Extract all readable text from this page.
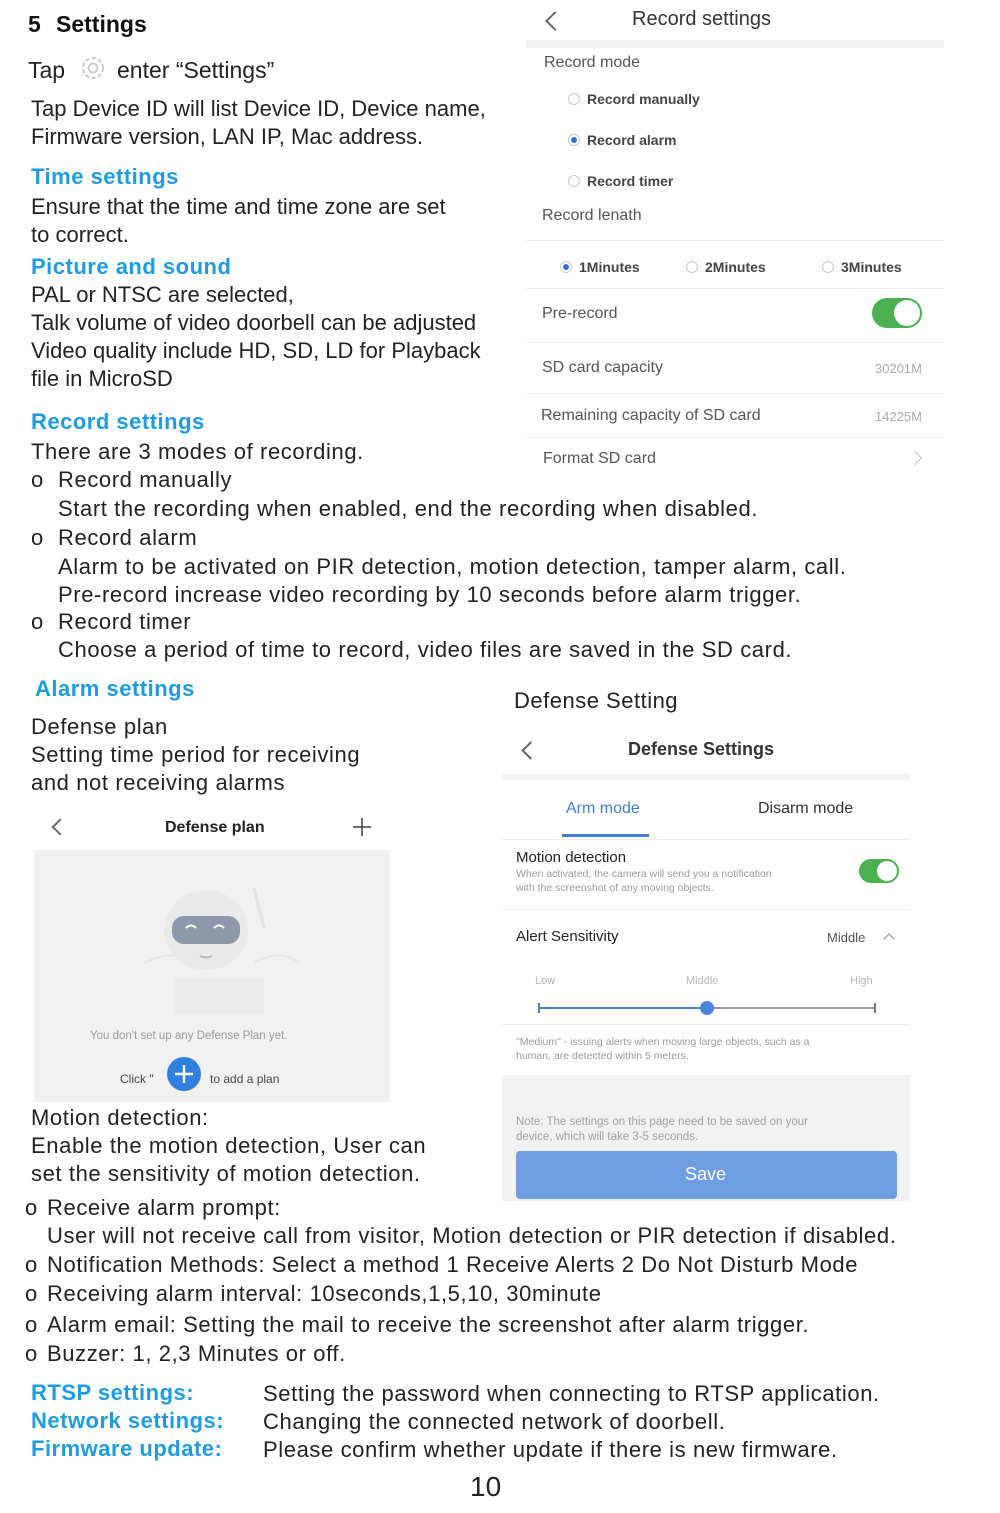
5 Settings
Tap enter “Settings”
Tap Device ID will list Device ID, Device name,
Firmware version, LAN IP, Mac address.
Time settings
Ensure that the time and time zone are set
to correct.
Picture and sound
PAL or NTSC are selected,
Talk volume of video doorbell can be adjusted
Video quality include HD, SD, LD for Playback
file in MicroSD
Record settings
There are 3 modes of recording.
Record settings
Record mode
Record manually
Record alarm
Record timer
Record lenath
1Minutes	2Minutes	3Minutes
Pre-record
SD card capacity	30201M
Remaining capacity of SD card	14225M
Format SD card
o Record manually
Start the recording when enabled, end the recording when disabled.
o Record alarm
Alarm to be activated on PIR detection, motion detection, tamper alarm, call.
Pre-record increase video recording by 10 seconds before alarm trigger.
o Record timer
Choose a period of time to record, video files are saved in the SD card.
Alarm settings
Defense plan
Setting time period for receiving
and not receiving alarms
Defense plan
You don't set up any Defense Plan yet.
Click "	to add a plan
Defense Setting
Defense Settings
Arm mode	Disarm mode
Motion detection
When activated, the camera will send you a notification
with the screenshot of any moving objects.
Alert Sensitivity	Middle
Low	Middle	High
"Medium" - issuing alerts when moving large objects, such as a
human, are detected within 5 meters.
Note: The settings on this page need to be saved on your
device, which will take 3-5 seconds.
Save
Motion detection:
Enable the motion detection, User can
set the sensitivity of motion detection.
o Receive alarm prompt:
User will not receive call from visitor, Motion detection or PIR detection if disabled.
o Notification Methods: Select a method 1 Receive Alerts 2 Do Not Disturb Mode
o Receiving alarm interval: 10seconds,1,5,10, 30minute
o Alarm email: Setting the mail to receive the screenshot after alarm trigger.
o Buzzer: 1, 2,3 Minutes or off.
RTSP settings:	Setting the password when connecting to RTSP application.
Network settings: Changing the connected network of doorbell.
Firmware update: Please confirm whether update if there is new firmware.
10
